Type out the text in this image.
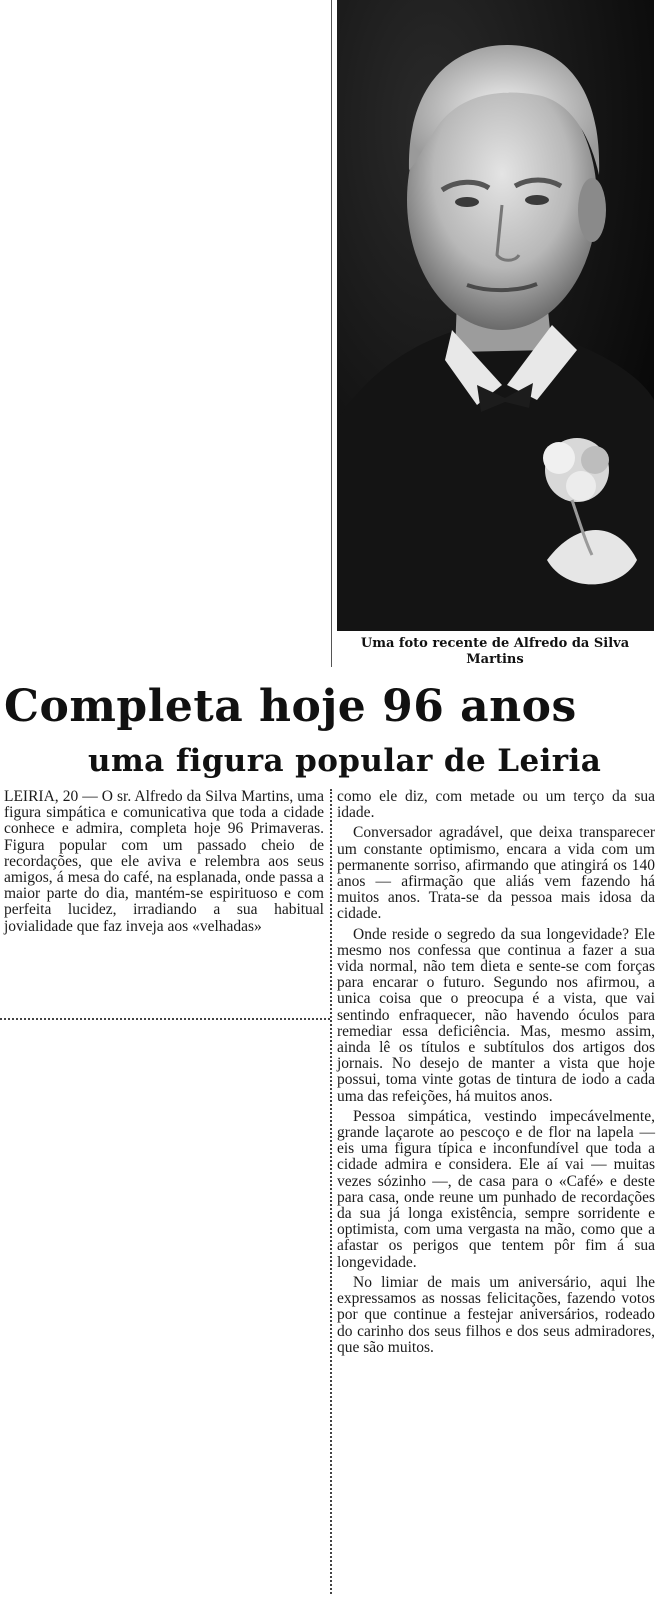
Uma foto recente de Alfredo da Silva Martins
Completa hoje 96 anos
uma figura popular de Leiria

LEIRIA, 20 — O sr. Alfredo da Silva Martins, uma figura simpática e comunicativa que toda a cidade conhece e admira, completa hoje 96 Primaveras. Figura popular com um passado cheio de recordações, que ele aviva e relembra aos seus amigos, á mesa do café, na esplanada, onde passa a maior parte do dia, mantém-se espirituoso e com perfeita lucidez, irradiando a sua habitual jovialidade que faz inveja aos «velhadas»

como ele diz, com metade ou um terço da sua idade.

Conversador agradável, que deixa transparecer um constante optimismo, encara a vida com um permanente sorriso, afirmando que atingirá os 140 anos — afirmação que aliás vem fazendo há muitos anos. Trata-se da pessoa mais idosa da cidade.

Onde reside o segredo da sua longevidade? Ele mesmo nos confessa que continua a fazer a sua vida normal, não tem dieta e sente-se com forças para encarar o futuro. Segundo nos afirmou, a unica coisa que o preocupa é a vista, que vai sentindo enfraquecer, não havendo óculos para remediar essa deficiência. Mas, mesmo assim, ainda lê os títulos e subtítulos dos artigos dos jornais. No desejo de manter a vista que hoje possui, toma vinte gotas de tintura de iodo a cada uma das refeições, há muitos anos.

Pessoa simpática, vestindo impecávelmente, grande laçarote ao pescoço e de flor na lapela — eis uma figura típica e inconfundível que toda a cidade admira e considera. Ele aí vai — muitas vezes sózinho —, de casa para o «Café» e deste para casa, onde reune um punhado de recordações da sua já longa existência, sempre sorridente e optimista, com uma vergasta na mão, como que a afastar os perigos que tentem pôr fim á sua longevidade.

No limiar de mais um aniversário, aqui lhe expressamos as nossas felicitações, fazendo votos por que continue a festejar aniversários, rodeado do carinho dos seus filhos e dos seus admiradores, que são muitos.
